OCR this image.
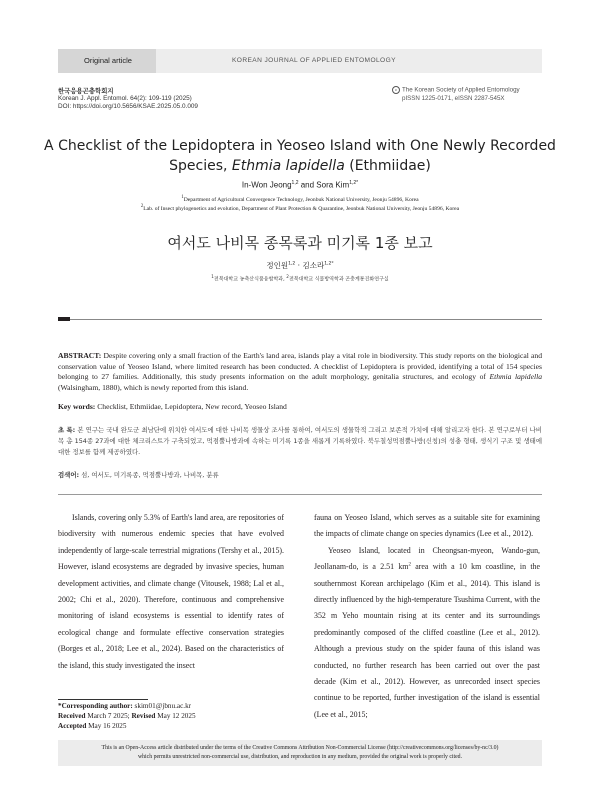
Original article	KOREAN JOURNAL OF APPLIED ENTOMOLOGY
한국응용곤충학회지
Korean J. Appl. Entomol. 64(2): 109-119 (2025)
DOI: https://doi.org/10.5656/KSAE.2025.05.0.009
c The Korean Society of Applied Entomology
pISSN 1225-0171, eISSN 2287-545X
A Checklist of the Lepidoptera in Yeoseo Island with One Newly Recorded
Species, Ethmia lapidella (Ethmiidae)
In-Won Jeong$^{1,2}$ and Sora Kim$^{1,2*}$
$^1$Department of Agricultural Convergence Technology, Jeonbuk National University, Jeonju 54896, Korea
$^2$Lab. of Insect phylogenetics and evolution, Department of Plant Protection & Quarantine, Jeonbuk National University, Jeonju 54896, Korea
여서도 나비목 종목록과 미기록 1종 보고
정인원$^{1,2}$ · 김소라$^{1,2*}$
$^1$전북대학교 농축산식품융합학과, $^2$전북대학교 식물방역학과 곤충계통진화연구실
ABSTRACT: Despite covering only a small fraction of the Earth's land area, islands play a vital role in biodiversity. This study reports on the biological and conservation value of Yeoseo Island, where limited research has been conducted. A checklist of Lepidoptera is provided, identifying a total of 154 species belonging to 27 families. Additionally, this study presents information on the adult morphology, genitalia structures, and ecology of Ethmia lapidella (Walsingham, 1880), which is newly reported from this island.
Key words: Checklist, Ethmiidae, Lepidoptera, New record, Yeoseo Island
초 록: 본 연구는 국내 완도군 최남단에 위치한 여서도에 대한 나비목 생물상 조사를 통하여, 여서도의 생물학적 그리고 보존적 가치에 대해 알리고자 한다. 본 연구로부터 나비목 총 154종 27과에 대한 체크리스트가 구축되었고, 먹점뿔나방과에 속하는 미기록 1종을 새롭게 기록하였다. 북두칠성먹점뿔나방(신칭)의 성충 형태, 생식기 구조 및 생태에 대한 정보를 함께 제공하였다.
검색어: 섬, 여서도, 미기록종, 먹점뿔나방과, 나비목, 분류

Islands, covering only 5.3% of Earth's land area, are repositories of biodiversity with numerous endemic species that have evolved independently of large-scale terrestrial migrations (Tershy et al., 2015). However, island ecosystems are degraded by invasive species, human development activities, and climate change (Vitousek, 1988; Lal et al., 2002; Chi et al., 2020). Therefore, continuous and comprehensive monitoring of island ecosystems is essential to identify rates of ecological change and formulate effective conservation strategies (Borges et al., 2018; Lee et al., 2024). Based on the characteristics of the island, this study investigated the insect

fauna on Yeoseo Island, which serves as a suitable site for examining the impacts of climate change on species dynamics (Lee et al., 2012).

Yeoseo Island, located in Cheongsan-myeon, Wando-gun, Jeollanam-do, is a 2.51 $km^2$ area with a 10 km coastline, in the southernmost Korean archipelago (Kim et al., 2014). This island is directly influenced by the high-temperature Tsushima Current, with the 352 m Yeho mountain rising at its center and its surroundings predominantly composed of the cliffed coastline (Lee et al., 2012). Although a previous study on the spider fauna of this island was conducted, no further research has been carried out over the past decade (Kim et al., 2012). However, as unrecorded insect species continue to be reported, further investigation of the island is essential (Lee et al., 2015;

*Corresponding author: skim01@jbnu.ac.kr
Received March 7 2025; Revised May 12 2025
Accepted May 16 2025
This is an Open-Access article distributed under the terms of the Creative Commons Attribution Non-Commercial License (http://creativecommons.org/licenses/by-nc/3.0)
which permits unrestricted non-commercial use, distribution, and reproduction in any medium, provided the original work is properly cited.
